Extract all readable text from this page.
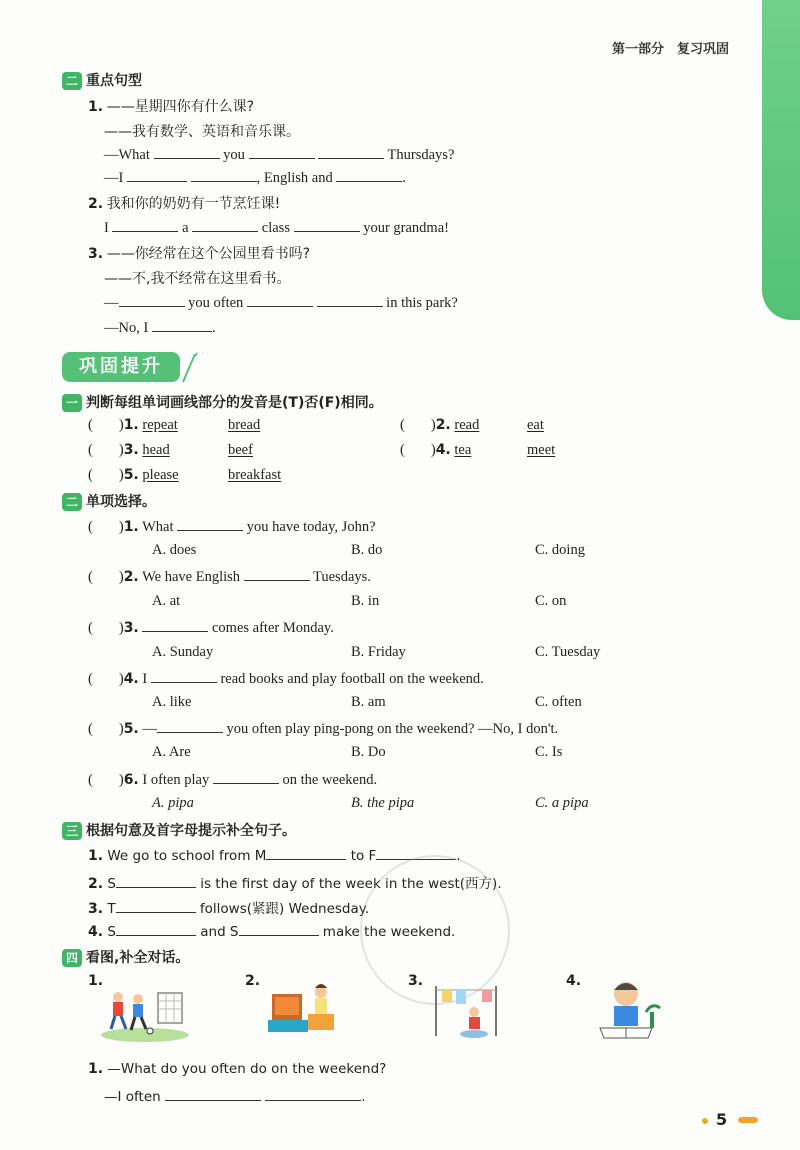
第一部分　复习巩固
二 重点句型
1. ——星期四你有什么课?
——我有数学、英语和音乐课。
—What	you	Thursdays?
—I	, English and	.
2. 我和你的奶奶有一节烹饪课!
I	a	class	your grandma!
3. ——你经常在这个公园里看书吗?
——不,我不经常在这里看书。
—	you often	in this park?
—No, I	.
巩固提升
一 判断每组单词画线部分的发音是(T)否(F)相同。
( )1. repeat	bread	( )2. read	eat
( )3. head	beef	( )4. tea	meet
( )5. please	breakfast
二 单项选择。
( )1. What	you have today, John?
A. does	B. do	C. doing
( )2. We have English	Tuesdays.
A. at	B. in	C. on
( )3.	comes after Monday.
A. Sunday	B. Friday	C. Tuesday
( )4. I	read books and play football on the weekend.
A. like	B. am	C. often
( )5. —	you often play ping-pong on the weekend? —No, I don't.
A. Are	B. Do	C. Is
( )6. I often play	on the weekend.
A. pipa	B. the pipa	C. a pipa
三 根据句意及首字母提示补全句子。
1. We go to school from M	to F	.
2. S	is the first day of the week in the west(西方).
3. T	follows(紧跟) Wednesday.
4. S	and S	make the weekend.
四 看图,补全对话。
1.	2.	3.	4.
1. —What do you often do on the weekend?
—I often	.
5
